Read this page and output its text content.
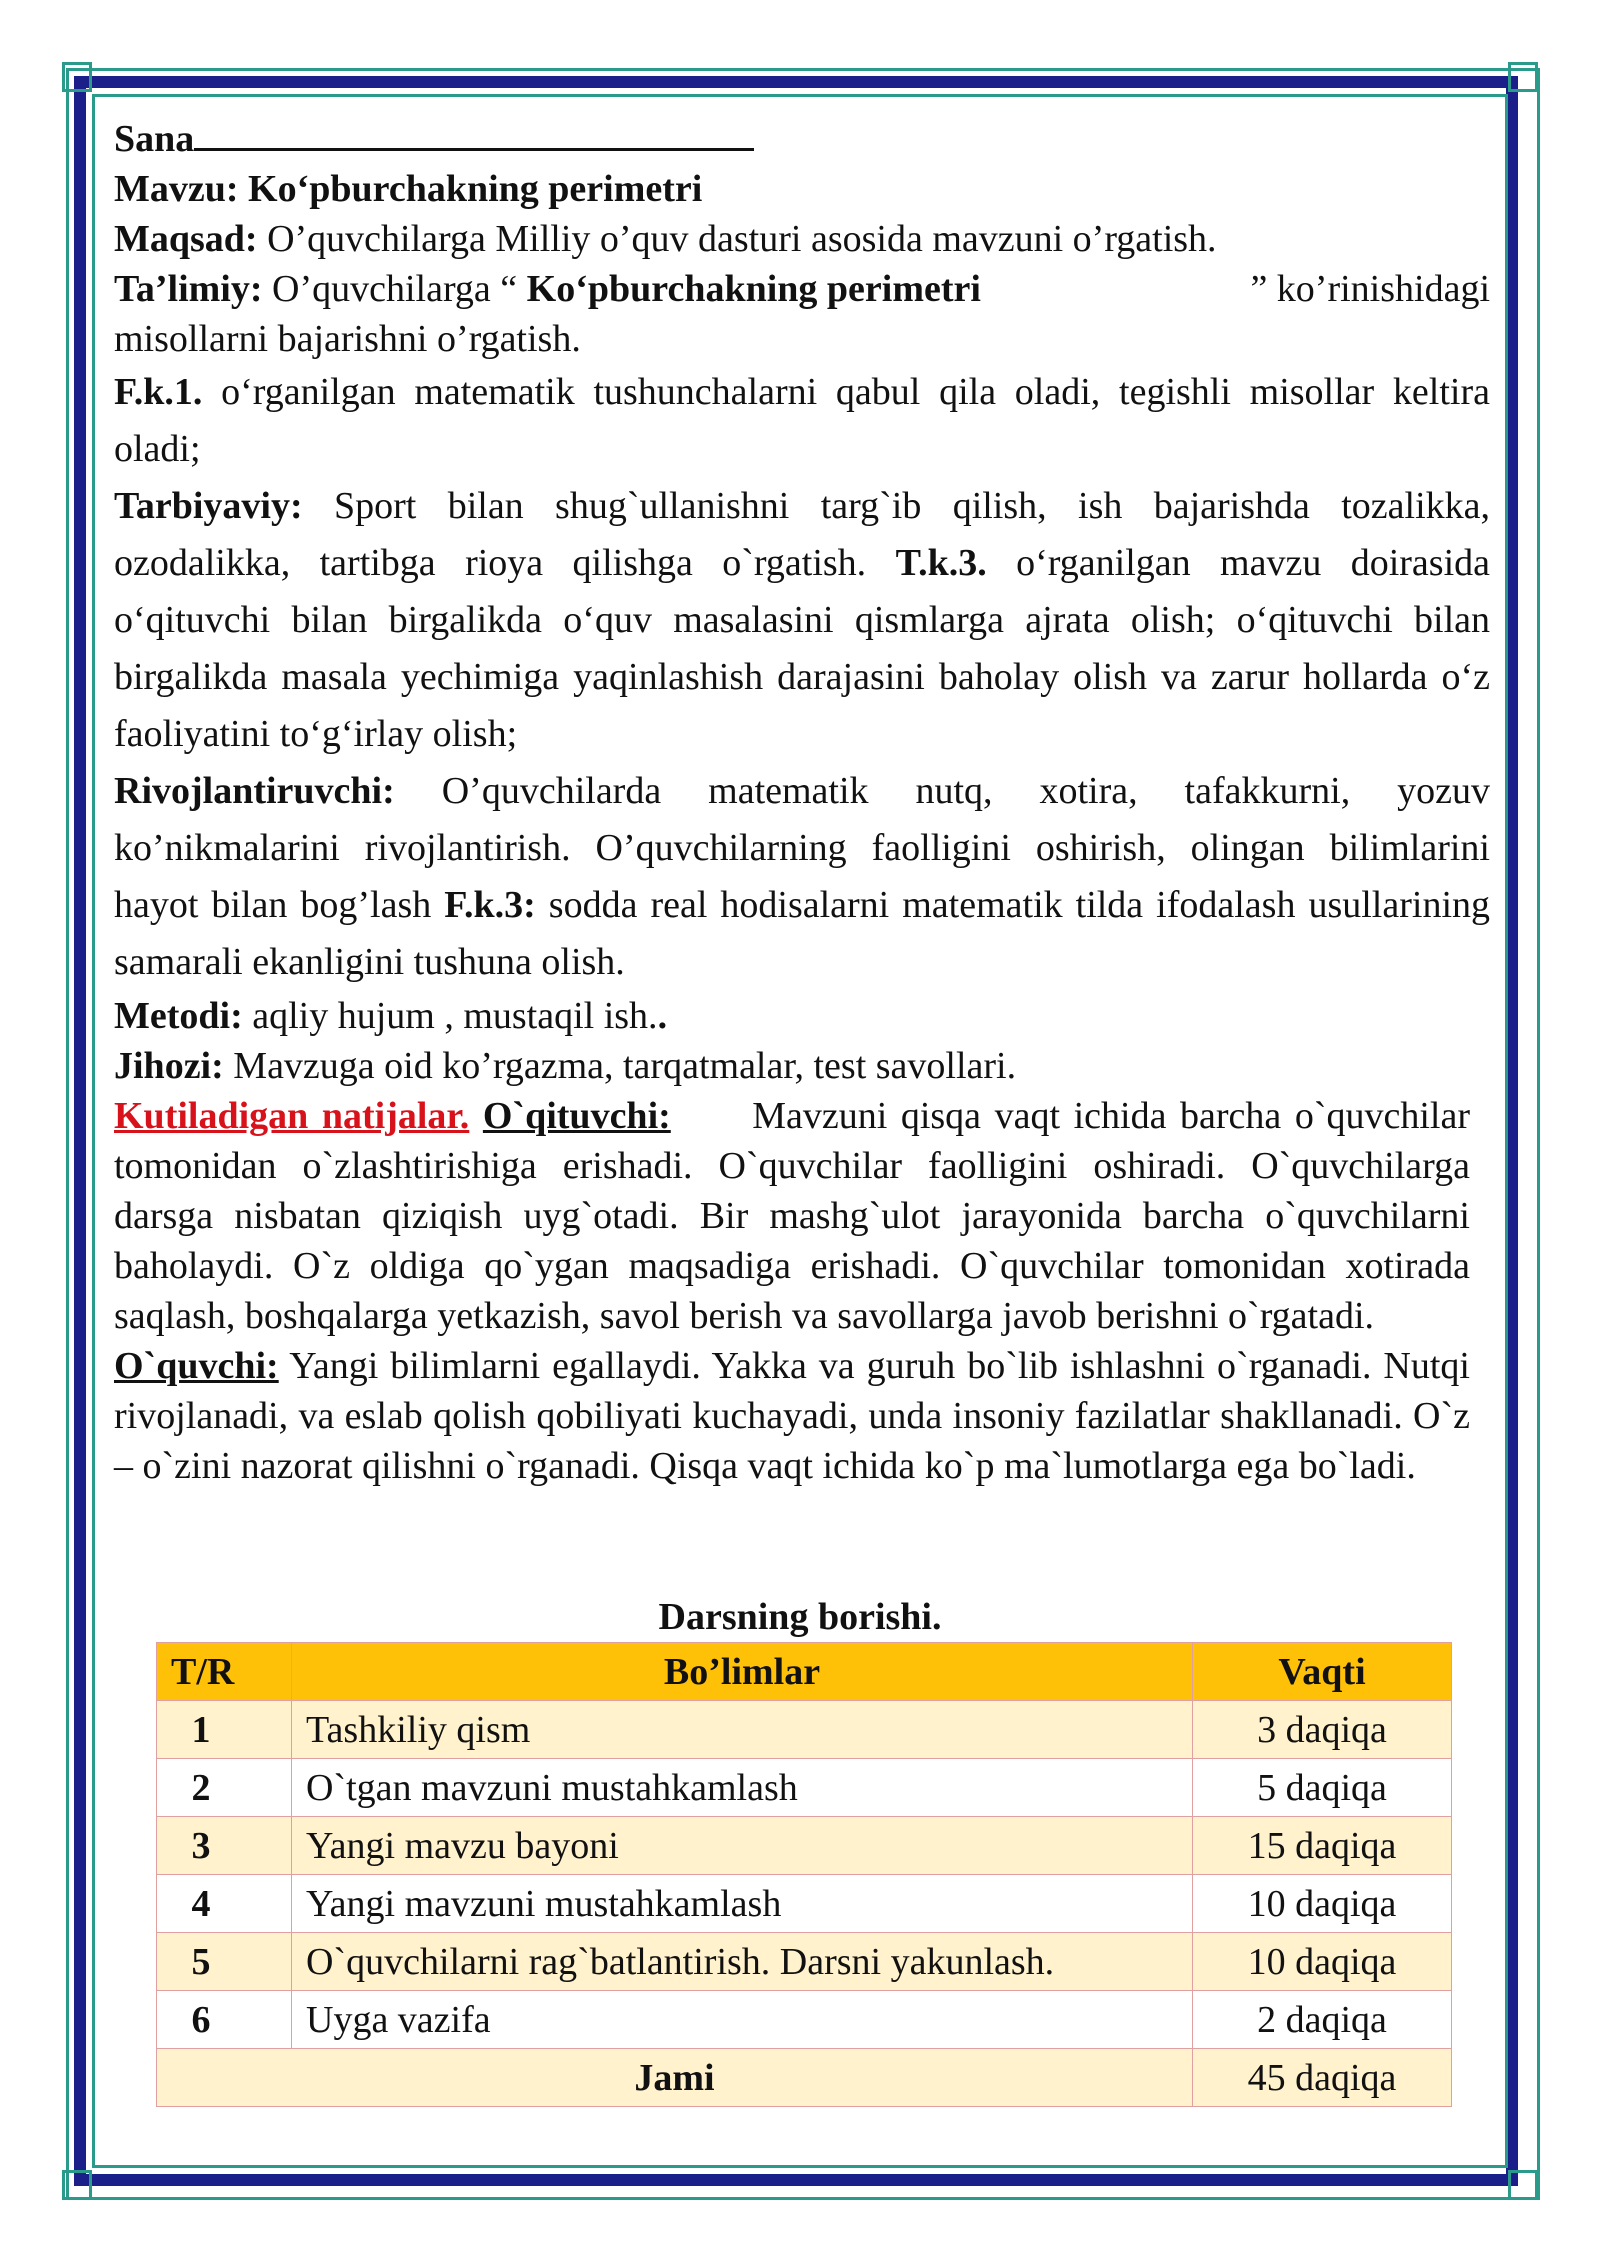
Sana

Mavzu: Ko‘pburchakning perimetri

Maqsad: O’quvchilarga Milliy o’quv dasturi asosida mavzuni o’rgatish.

Ta’limiy: O’quvchilarga “ Ko‘pburchakning perimetri	” ko’rinishidagi

misollarni bajarishni o’rgatish.

F.k.1. o‘rganilgan matematik tushunchalarni qabul qila oladi, tegishli misollar keltira oladi;

Tarbiyaviy: Sport bilan shug`ullanishni targ`ib qilish, ish bajarishda tozalikka, ozodalikka, tartibga rioya qilishga o`rgatish. T.k.3. o‘rganilgan mavzu doirasida o‘qituvchi bilan birgalikda o‘quv masalasini qismlarga ajrata olish; o‘qituvchi bilan birgalikda masala yechimiga yaqinlashish darajasini baholay olish va zarur hollarda o‘z faoliyatini to‘g‘irlay olish;

Rivojlantiruvchi: O’quvchilarda matematik nutq, xotira, tafakkurni, yozuv ko’nikmalarini rivojlantirish. O’quvchilarning faolligini oshirish, olingan bilimlarini hayot bilan bog’lash F.k.3: sodda real hodisalarni matematik tilda ifodalash usullarining samarali ekanligini tushuna olish.

Metodi: aqliy hujum , mustaqil ish..

Jihozi: Mavzuga oid ko’rgazma, tarqatmalar, test savollari.

Kutiladigan natijalar. O`qituvchi: Mavzuni qisqa vaqt ichida barcha o`quvchilar tomonidan o`zlashtirishiga erishadi. O`quvchilar faolligini oshiradi. O`quvchilarga darsga nisbatan qiziqish uyg`otadi. Bir mashg`ulot jarayonida barcha o`quvchilarni baholaydi. O`z oldiga qo`ygan maqsadiga erishadi. O`quvchilar tomonidan xotirada saqlash, boshqalarga yetkazish, savol berish va savollarga javob berishni o`rgatadi.

O`quvchi: Yangi bilimlarni egallaydi. Yakka va guruh bo`lib ishlashni o`rganadi. Nutqi rivojlanadi, va eslab qolish qobiliyati kuchayadi, unda insoniy fazilatlar shakllanadi. O`z – o`zini nazorat qilishni o`rganadi. Qisqa vaqt ichida ko`p ma`lumotlarga ega bo`ladi.

Darsning borishi.
T/R	Bo’limlar	Vaqti
1	Tashkiliy qism	3 daqiqa
2	O`tgan mavzuni mustahkamlash	5 daqiqa
3	Yangi mavzu bayoni	15 daqiqa
4	Yangi mavzuni mustahkamlash	10 daqiqa
5	O`quvchilarni rag`batlantirish. Darsni yakunlash.	10 daqiqa
6	Uyga vazifa	2 daqiqa
Jami		45 daqiqa
